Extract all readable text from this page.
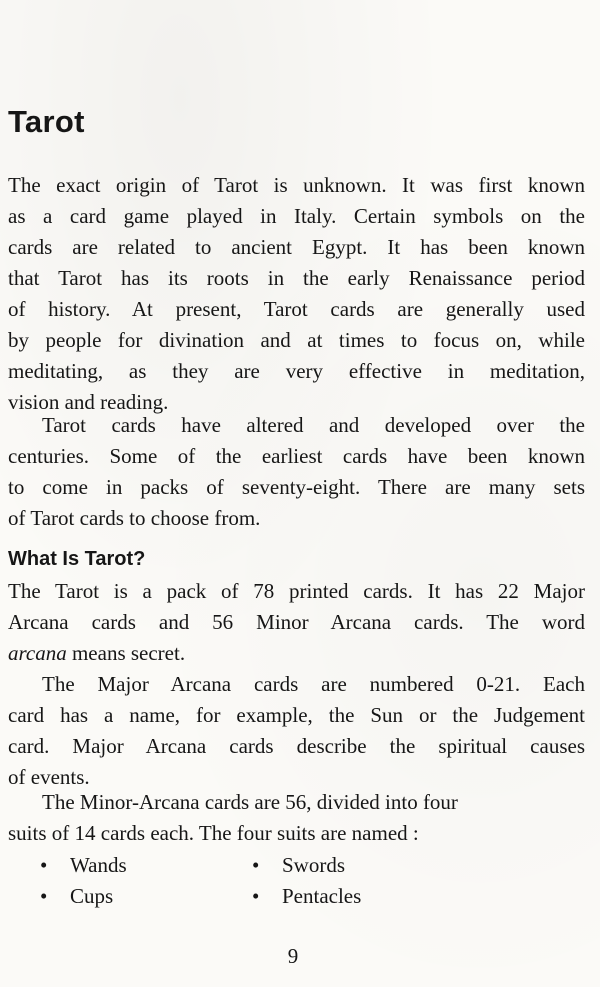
Tarot
The exact origin of Tarot is unknown. It was first known
as a card game played in Italy. Certain symbols on the
cards are related to ancient Egypt. It has been known
that Tarot has its roots in the early Renaissance period
of history. At present, Tarot cards are generally used
by people for divination and at times to focus on, while
meditating, as they are very effective in meditation,
vision and reading.
Tarot cards have altered and developed over the
centuries. Some of the earliest cards have been known
to come in packs of seventy-eight. There are many sets
of Tarot cards to choose from.
What Is Tarot?
The Tarot is a pack of 78 printed cards. It has 22 Major
Arcana cards and 56 Minor Arcana cards. The word
arcana means secret.
The Major Arcana cards are numbered 0-21. Each
card has a name, for example, the Sun or the Judgement
card. Major Arcana cards describe the spiritual causes
of events.
The Minor-Arcana cards are 56, divided into four
suits of 14 cards each. The four suits are named :
• Wands	• Swords
• Cups	• Pentacles
9
